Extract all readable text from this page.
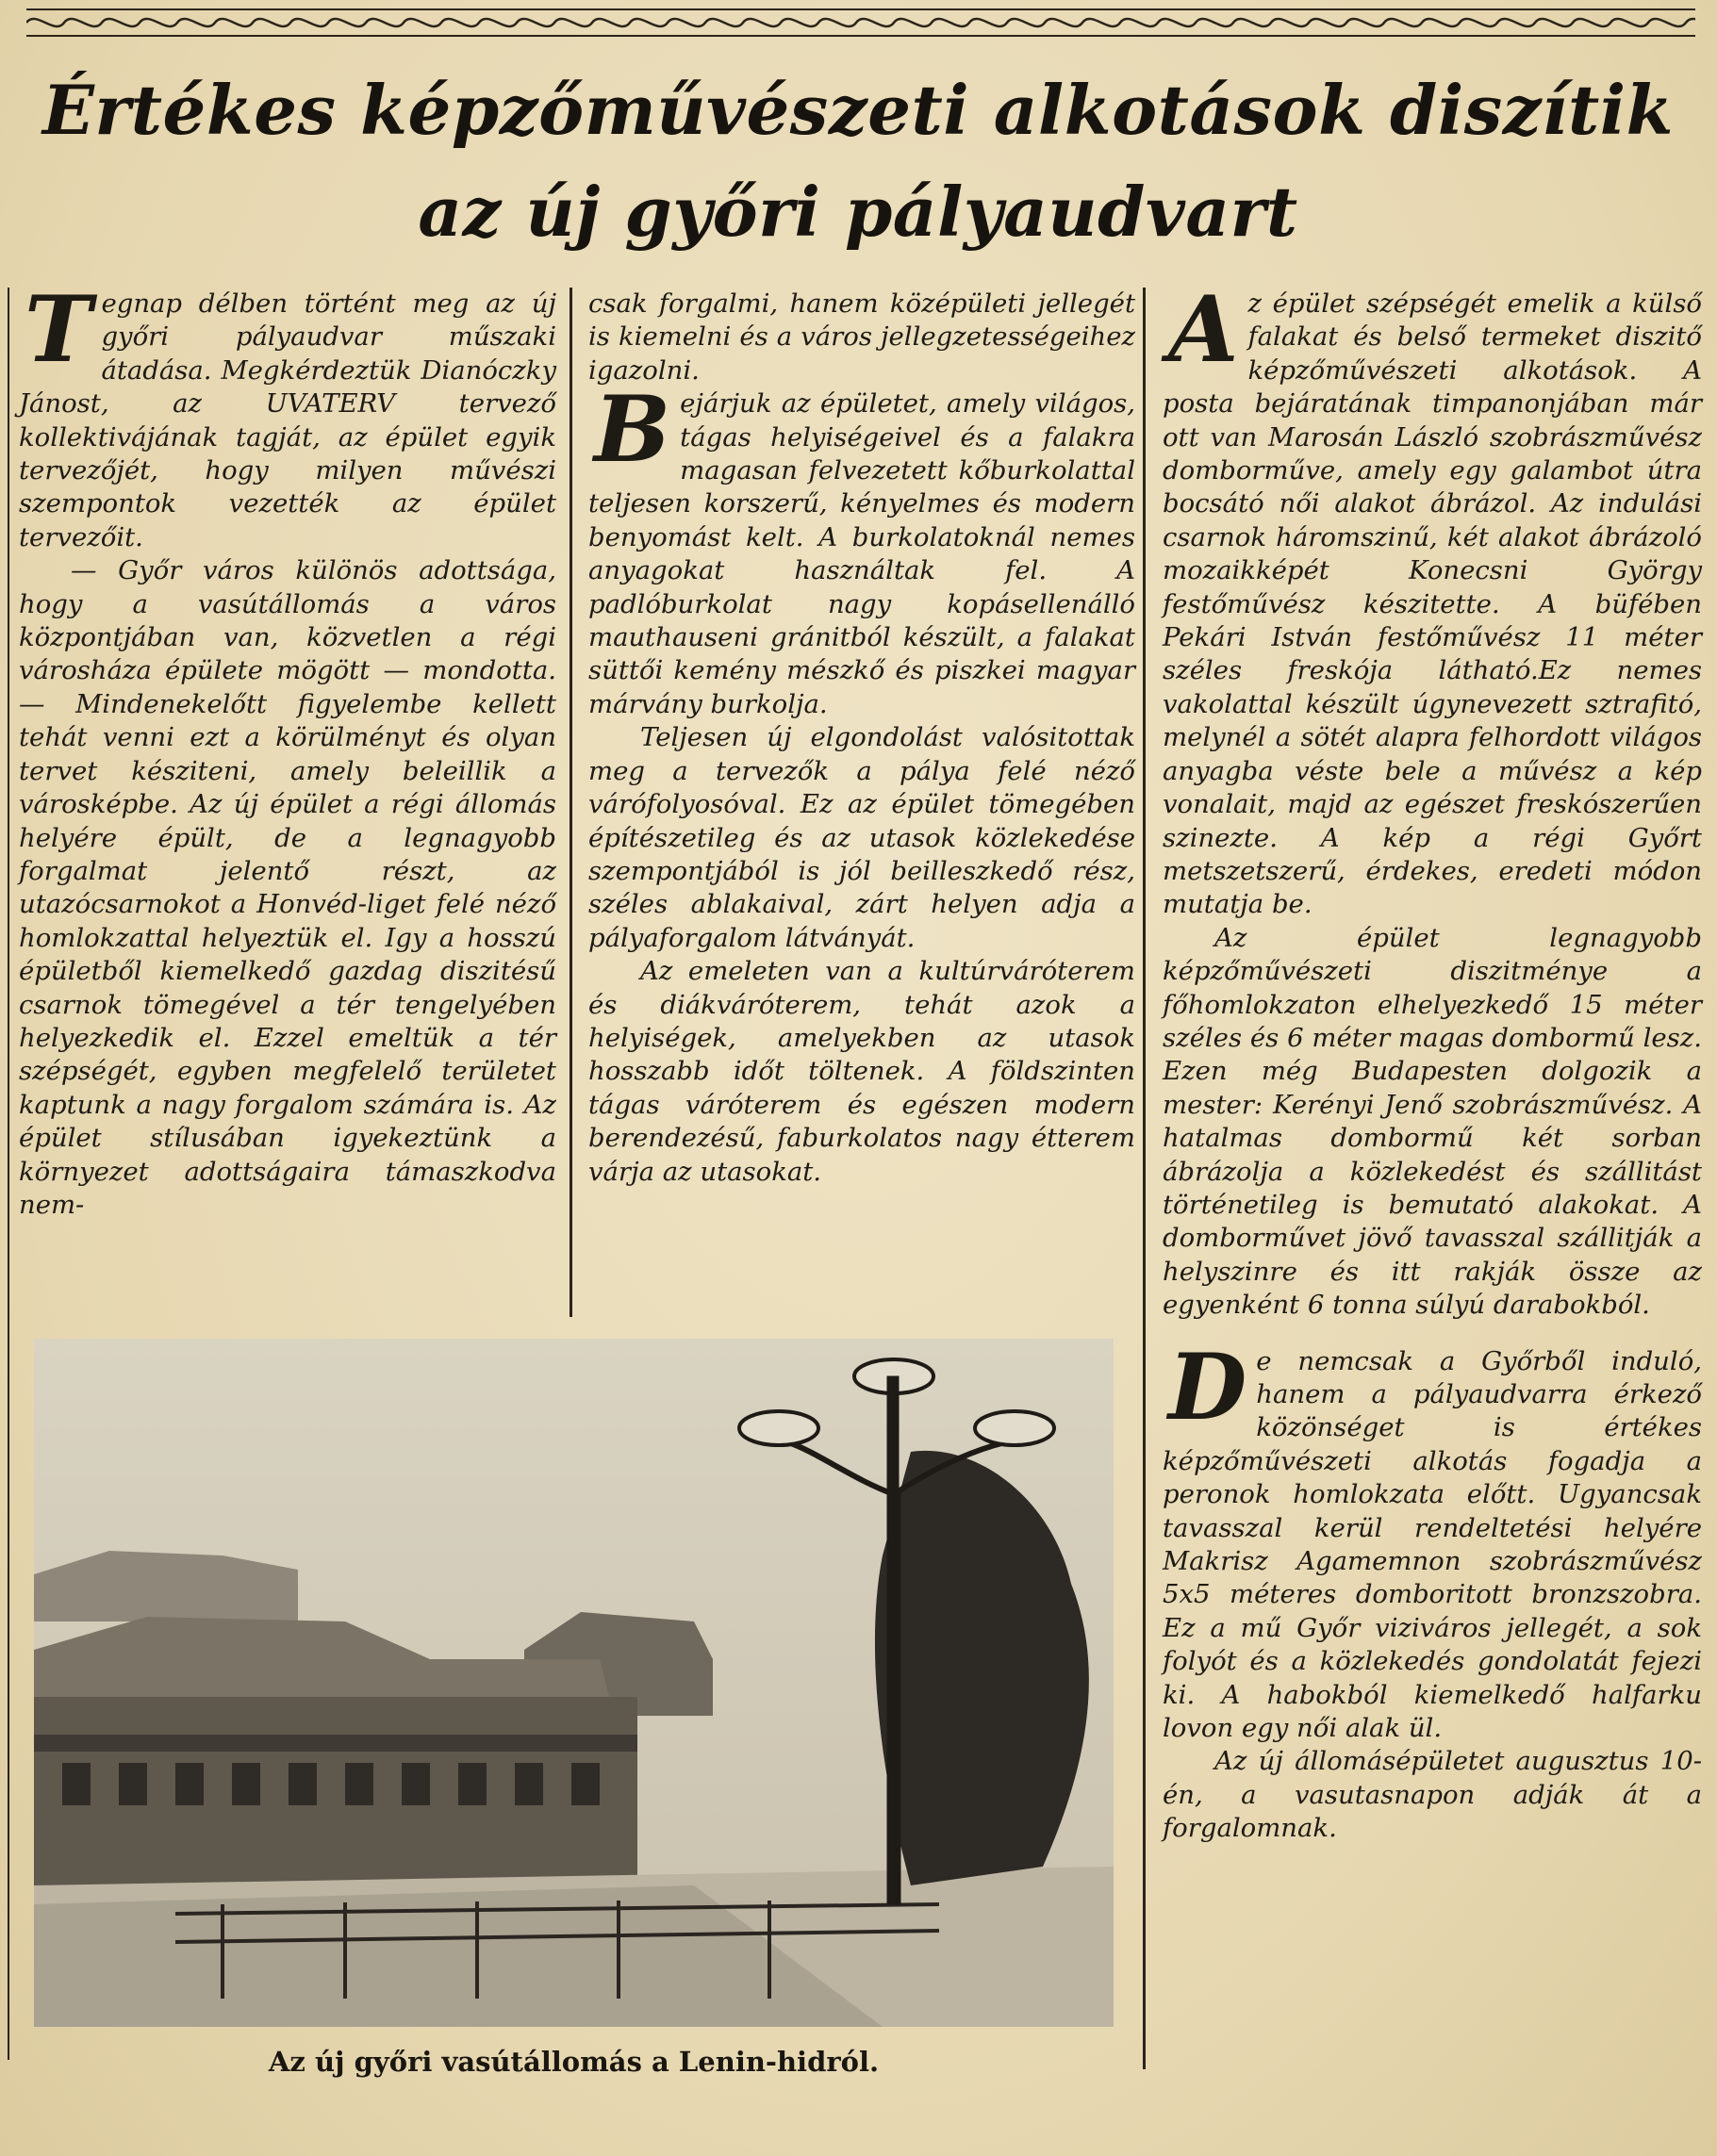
Értékes képzőművészeti alkotások diszítik
az új győri pályaudvart

Tegnap délben történt meg az új győri pályaudvar műszaki átadása. Megkérdeztük Dianóczky Jánost, az UVATERV tervező kollektivájának tagját, az épület egyik tervezőjét, hogy milyen művészi szempontok vezették az épület tervezőit.

— Győr város különös adottsága, hogy a vasútállomás a város központjában van, közvetlen a régi városháza épülete mögött — mondotta. — Mindenekelőtt figyelembe kellett tehát venni ezt a körülményt és olyan tervet késziteni, amely beleillik a városképbe. Az új épület a régi állomás helyére épült, de a legnagyobb forgalmat jelentő részt, az utazócsarnokot a Honvéd-liget felé néző homlokzattal helyeztük el. Igy a hosszú épületből kiemelkedő gazdag diszitésű csarnok tömegével a tér tengelyében helyezkedik el. Ezzel emeltük a tér szépségét, egyben megfelelő területet kaptunk a nagy forgalom számára is. Az épület stílusában igyekeztünk a környezet adottságaira támaszkodva nem-

csak forgalmi, hanem középületi jellegét is kiemelni és a város jellegzetességeihez igazolni.

Bejárjuk az épületet, amely világos, tágas helyiségeivel és a falakra magasan felvezetett kőburkolattal teljesen korszerű, kényelmes és modern benyomást kelt. A burkolatoknál nemes anyagokat használtak fel. A padlóburkolat nagy kopásellenálló mauthauseni gránitból készült, a falakat süttői kemény mészkő és piszkei magyar márvány burkolja.

Teljesen új elgondolást valósitottak meg a tervezők a pálya felé néző várófolyosóval. Ez az épület tömegében építészetileg és az utasok közlekedése szempontjából is jól beilleszkedő rész, széles ablakaival, zárt helyen adja a pályaforgalom látványát.

Az emeleten van a kultúrváróterem és diákváróterem, tehát azok a helyiségek, amelyekben az utasok hosszabb időt töltenek. A földszinten tágas váróterem és egészen modern berendezésű, faburkolatos nagy étterem várja az utasokat.

Az épület szépségét emelik a külső falakat és belső termeket diszitő képzőművészeti alkotások. A posta bejáratának timpanonjában már ott van Marosán László szobrászművész domborműve, amely egy galambot útra bocsátó női alakot ábrázol. Az indulási csarnok háromszinű, két alakot ábrázoló mozaikképét Konecsni György festőművész készitette. A büfében Pekári István festőművész 11 méter széles freskója látható.Ez nemes vakolattal készült úgynevezett sztrafitó, melynél a sötét alapra felhordott világos anyagba véste bele a művész a kép vonalait, majd az egészet freskószerűen szinezte. A kép a régi Győrt metszetszerű, érdekes, eredeti módon mutatja be.

Az épület legnagyobb képzőművészeti diszitménye a főhomlokzaton elhelyezkedő 15 méter széles és 6 méter magas dombormű lesz. Ezen még Budapesten dolgozik a mester: Kerényi Jenő szobrászművész. A hatalmas dombormű két sorban ábrázolja a közlekedést és szállitást történetileg is bemutató alakokat. A domborművet jövő tavasszal szállitják a helyszinre és itt rakják össze az egyenként 6 tonna súlyú darabokból.

De nemcsak a Győrből induló, hanem a pályaudvarra érkező közönséget is értékes képzőművészeti alkotás fogadja a peronok homlokzata előtt. Ugyancsak tavasszal kerül rendeltetési helyére Makrisz Agamemnon szobrászművész 5x5 méteres domboritott bronzszobra. Ez a mű Győr viziváros jellegét, a sok folyót és a közlekedés gondolatát fejezi ki. A habokból kiemelkedő halfarku lovon egy női alak ül.

Az új állomásépületet augusztus 10-én, a vasutasnapon adják át a forgalomnak.

Az új győri vasútállomás a Lenin-hidról.
